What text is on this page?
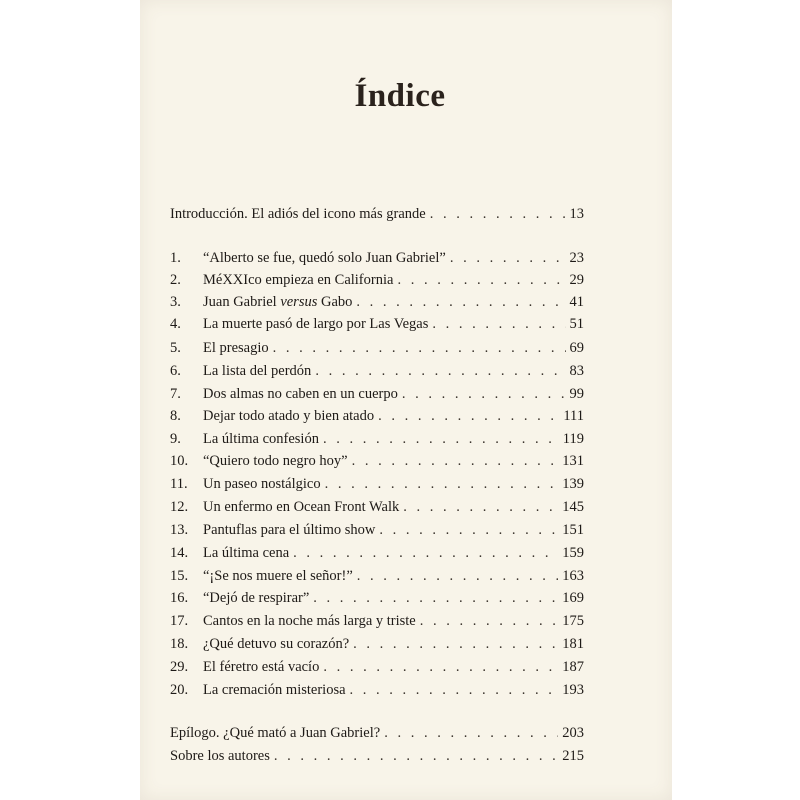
Índice
Introducción. El adiós del icono más grande . . .	13
1.	“Alberto se fue, quedó solo Juan Gabriel” . . .	23
2.	MéXXIco empieza en California . . .	29
3.	Juan Gabriel versus Gabo . . .	41
4.	La muerte pasó de largo por Las Vegas . . .	51
5.	El presagio . . .	69
6.	La lista del perdón . . .	83
7.	Dos almas no caben en un cuerpo . . .	99
8.	Dejar todo atado y bien atado . . .	111
9.	La última confesión . . .	119
10.	“Quiero todo negro hoy” . . .	131
11.	Un paseo nostálgico . . .	139
12.	Un enfermo en Ocean Front Walk . . .	145
13.	Pantuflas para el último show . . .	151
14.	La última cena . . .	159
15.	“¡Se nos muere el señor!” . . .	163
16.	“Dejó de respirar” . . .	169
17.	Cantos en la noche más larga y triste . . .	175
18.	¿Qué detuvo su corazón? . . .	181
29.	El féretro está vacío . . .	187
20.	La cremación misteriosa . . .	193
Epílogo. ¿Qué mató a Juan Gabriel? . . .	203
Sobre los autores . . .	215
